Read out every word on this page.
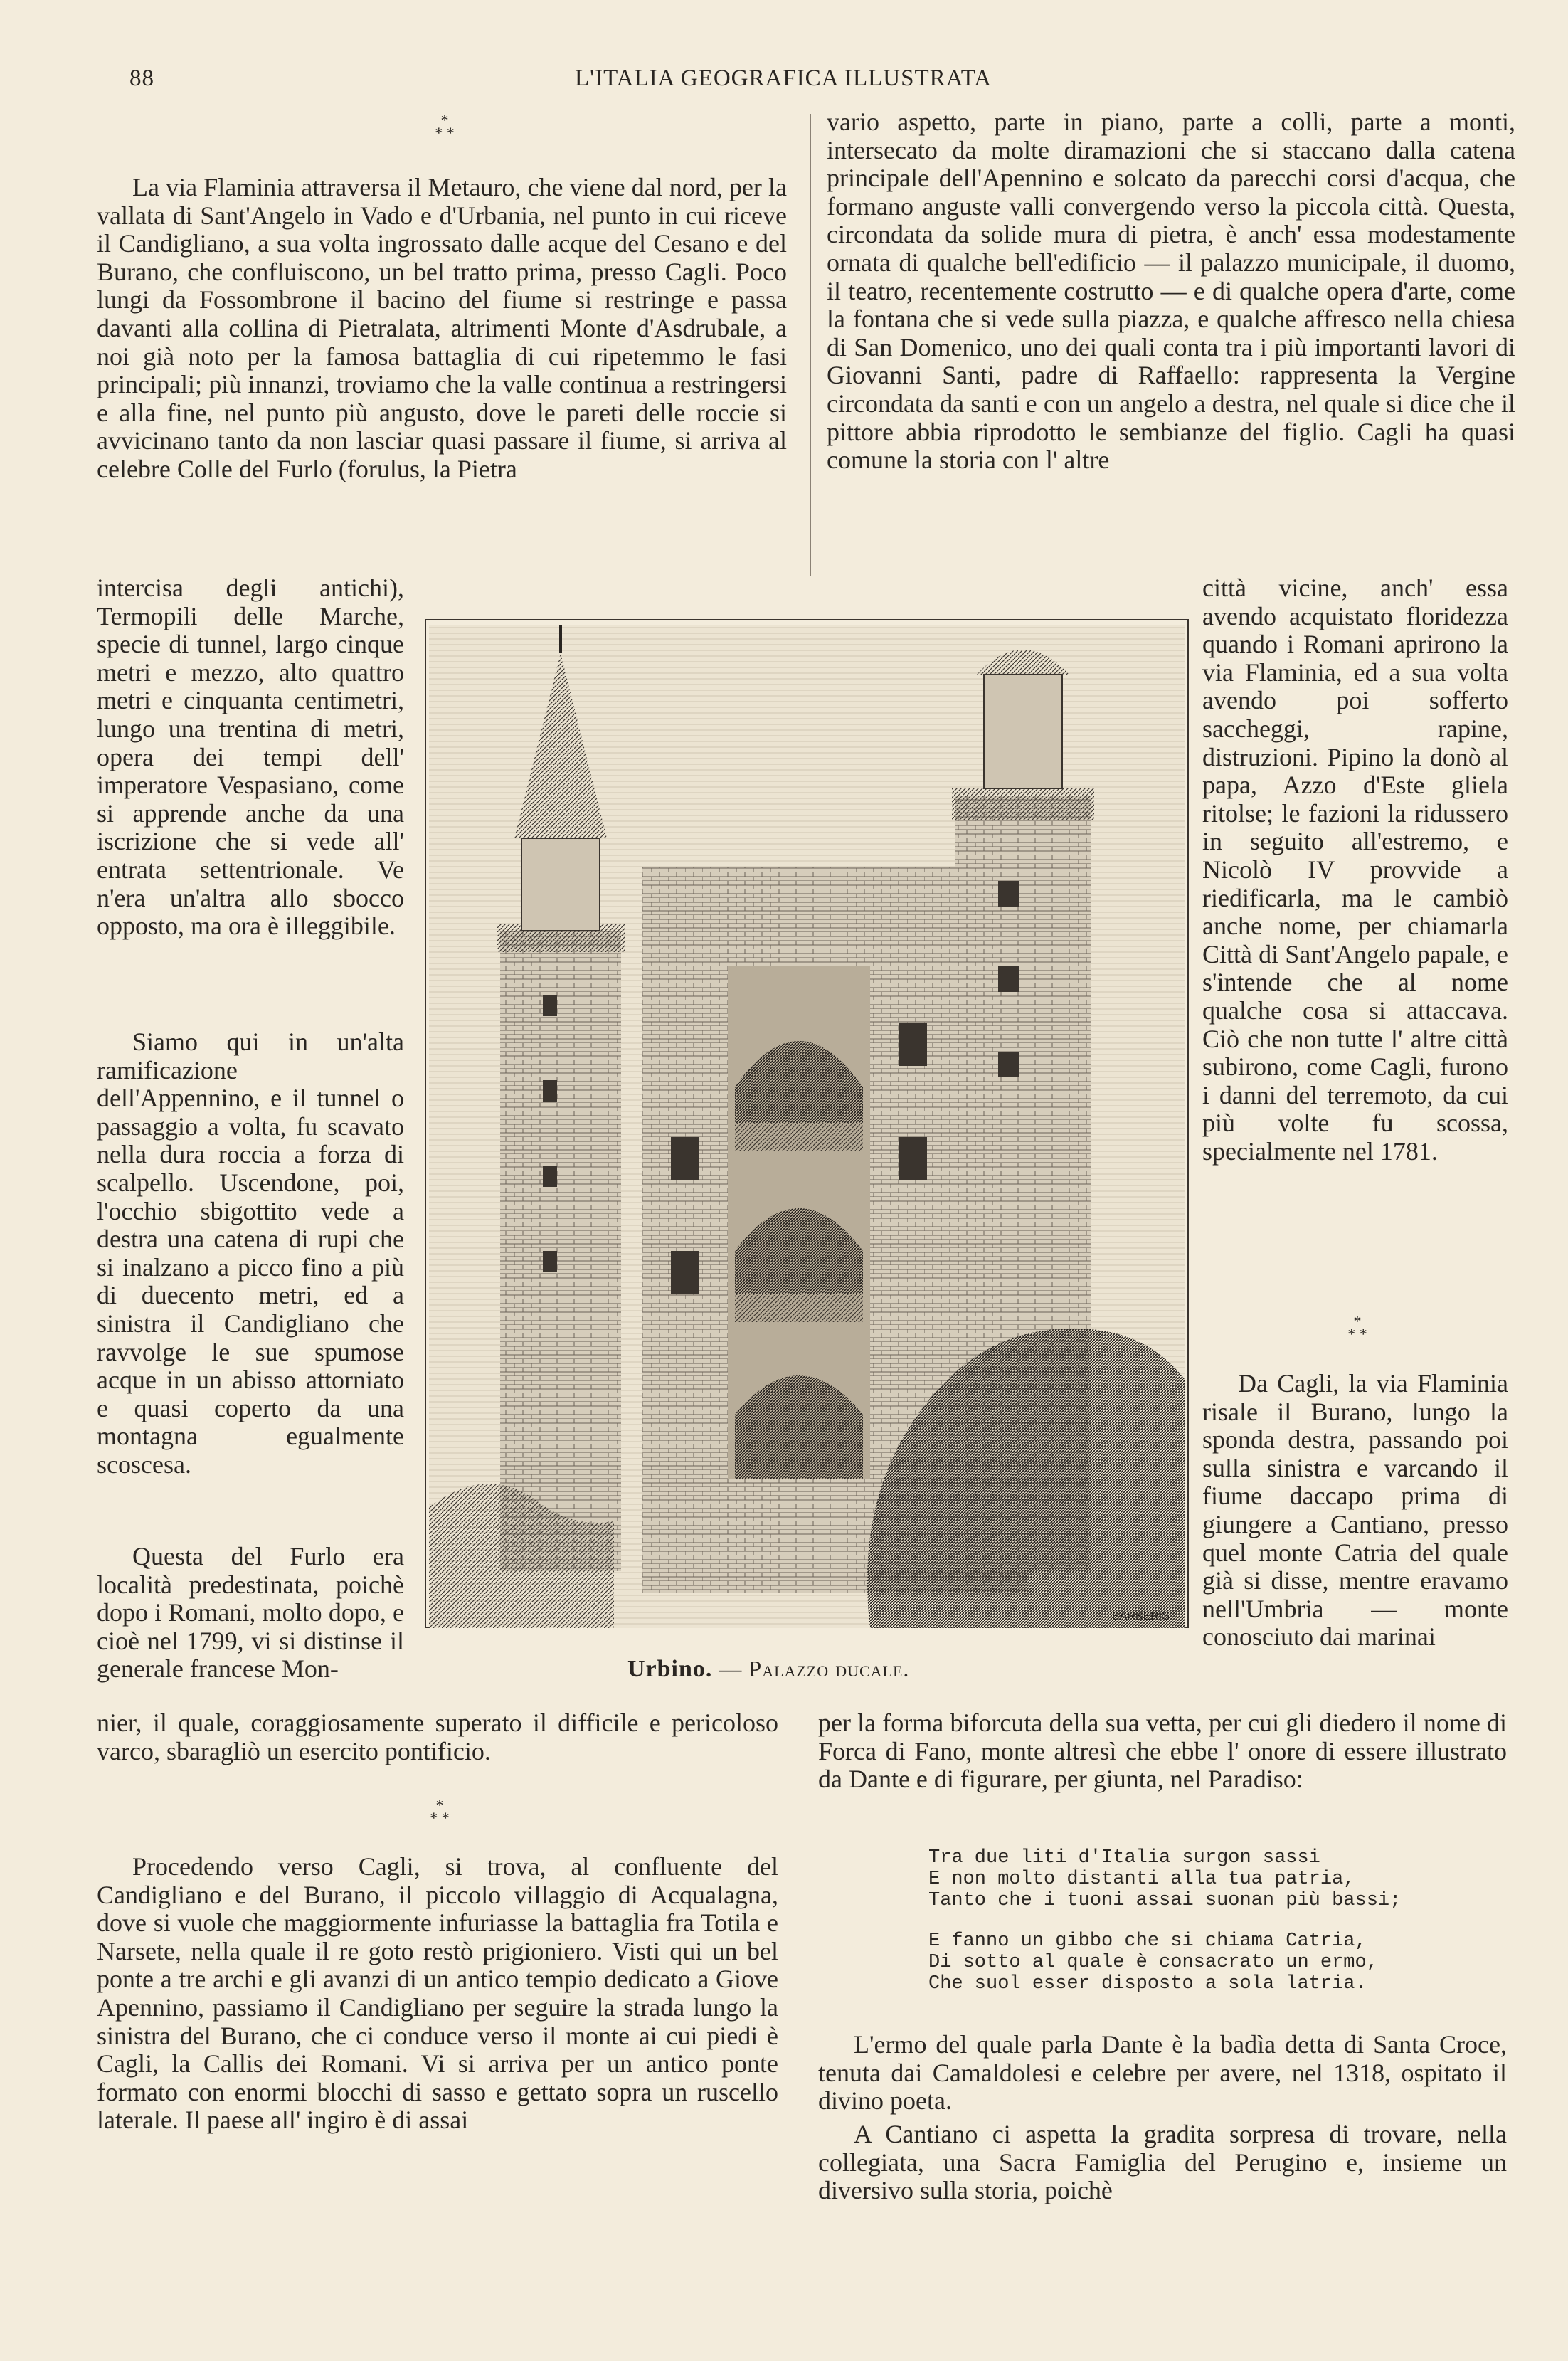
88	L'ITALIA GEOGRAFICA ILLUSTRATA
*
* *

La via Flaminia attraversa il Metauro, che viene dal nord, per la vallata di Sant'Angelo in Vado e d'Urbania, nel punto in cui riceve il Candigliano, a sua volta ingrossato dalle acque del Cesano e del Burano, che confluiscono, un bel tratto prima, presso Cagli. Poco lungi da Fossombrone il bacino del fiume si restringe e passa davanti alla collina di Pietralata, altrimenti Monte d'Asdrubale, a noi già noto per la famosa battaglia di cui ripetemmo le fasi principali; più innanzi, troviamo che la valle continua a restringersi e alla fine, nel punto più angusto, dove le pareti delle roccie si avvicinano tanto da non lasciar quasi passare il fiume, si arriva al celebre Colle del Furlo (forulus, la Pietra

intercisa degli antichi), Termopili delle Marche, specie di tunnel, largo cinque metri e mezzo, alto quattro metri e cinquanta centimetri, lungo una trentina di metri, opera dei tempi dell' imperatore Vespasiano, come si apprende anche da una iscrizione che si vede all' entrata settentrionale. Ve n'era un'altra allo sbocco opposto, ma ora è illeggibile.

Siamo qui in un'alta ramificazione dell'Appennino, e il tunnel o passaggio a volta, fu scavato nella dura roccia a forza di scalpello. Uscendone, poi, l'occhio sbigottito vede a destra una catena di rupi che si inalzano a picco fino a più di duecento metri, ed a sinistra il Candigliano che ravvolge le sue spumose acque in un abisso attorniato e quasi coperto da una montagna egualmente scoscesa.

Questa del Furlo era località predestinata, poichè dopo i Romani, molto dopo, e cioè nel 1799, vi si distinse il generale francese Mon-

nier, il quale, coraggiosamente superato il difficile e pericoloso varco, sbaragliò un esercito pontificio.

*
* *

Procedendo verso Cagli, si trova, al confluente del Candigliano e del Burano, il piccolo villaggio di Acqualagna, dove si vuole che maggiormente infuriasse la battaglia fra Totila e Narsete, nella quale il re goto restò prigioniero. Visti qui un bel ponte a tre archi e gli avanzi di un antico tempio dedicato a Giove Apennino, passiamo il Candigliano per seguire la strada lungo la sinistra del Burano, che ci conduce verso il monte ai cui piedi è Cagli, la Callis dei Romani. Vi si arriva per un antico ponte formato con enormi blocchi di sasso e gettato sopra un ruscello laterale. Il paese all' ingiro è di assai

vario aspetto, parte in piano, parte a colli, parte a monti, intersecato da molte diramazioni che si staccano dalla catena principale dell'Apennino e solcato da parecchi corsi d'acqua, che formano anguste valli convergendo verso la piccola città. Questa, circondata da solide mura di pietra, è anch' essa modestamente ornata di qualche bell'edificio — il palazzo municipale, il duomo, il teatro, recentemente costrutto — e di qualche opera d'arte, come la fontana che si vede sulla piazza, e qualche affresco nella chiesa di San Domenico, uno dei quali conta tra i più importanti lavori di Giovanni Santi, padre di Raffaello: rappresenta la Vergine circondata da santi e con un angelo a destra, nel quale si dice che il pittore abbia riprodotto le sembianze del figlio. Cagli ha quasi comune la storia con l' altre

città vicine, anch' essa avendo acquistato floridezza quando i Romani aprirono la via Flaminia, ed a sua volta avendo poi sofferto saccheggi, rapine, distruzioni. Pipino la donò al papa, Azzo d'Este gliela ritolse; le fazioni la ridussero in seguito all'estremo, e Nicolò IV provvide a riedificarla, ma le cambiò anche nome, per chiamarla Città di Sant'Angelo papale, e s'intende che al nome qualche cosa si attaccava. Ciò che non tutte l' altre città subirono, come Cagli, furono i danni del terremoto, da cui più volte fu scossa, specialmente nel 1781.

*
* *

Da Cagli, la via Flaminia risale il Burano, lungo la sponda destra, passando poi sulla sinistra e varcando il fiume daccapo prima di giungere a Cantiano, presso quel monte Catria del quale già si disse, mentre eravamo nell'Umbria — monte conosciuto dai marinai

per la forma biforcuta della sua vetta, per cui gli diedero il nome di Forca di Fano, monte altresì che ebbe l' onore di essere illustrato da Dante e di figurare, per giunta, nel Paradiso:

Tra due liti d'Italia surgon sassi
E non molto distanti alla tua patria,
Tanto che i tuoni assai suonan più bassi;
E fanno un gibbo che si chiama Catria,
Di sotto al quale è consacrato un ermo,
Che suol esser disposto a sola latria.

L'ermo del quale parla Dante è la badìa detta di Santa Croce, tenuta dai Camaldolesi e celebre per avere, nel 1318, ospitato il divino poeta.

A Cantiano ci aspetta la gradita sorpresa di trovare, nella collegiata, una Sacra Famiglia del Perugino e, insieme un diversivo sulla storia, poichè

BARBERIS
Urbino. — Palazzo ducale.
